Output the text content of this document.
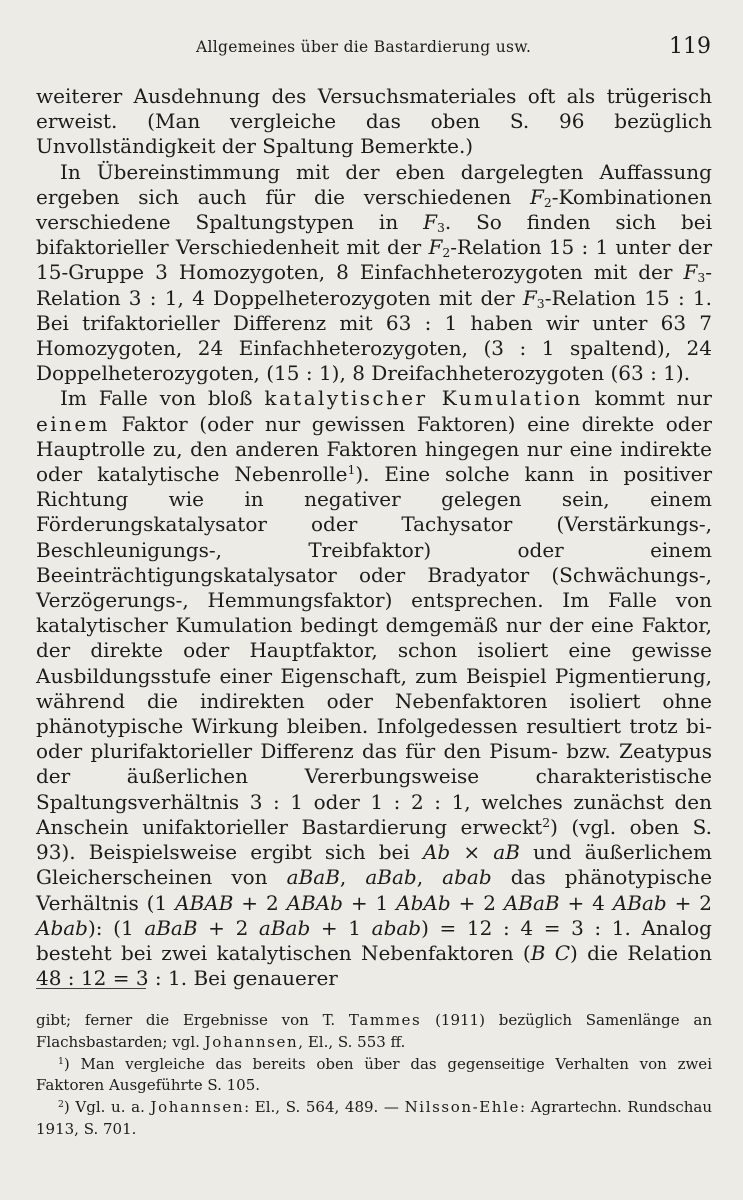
Allgemeines über die Bastardierung usw.	119

weiterer Ausdehnung des Versuchsmateriales oft als trügerisch erweist. (Man vergleiche das oben S. 96 bezüglich Unvollständigkeit der Spaltung Bemerkte.)

In Übereinstimmung mit der eben dargelegten Auffassung ergeben sich auch für die verschiedenen $F_2$-Kombinationen verschiedene Spaltungstypen in $F_3$. So finden sich bei bifaktorieller Verschiedenheit mit der $F_2$-Relation 15 : 1 unter der 15-Gruppe 3 Homozygoten, 8 Einfachheterozygoten mit der $F_3$-Relation 3 : 1, 4 Doppelheterozygoten mit der $F_3$-Relation 15 : 1. Bei trifaktorieller Differenz mit 63 : 1 haben wir unter 63 7 Homozygoten, 24 Einfachheterozygoten, (3 : 1 spaltend), 24 Doppelheterozygoten, (15 : 1), 8 Dreifachheterozygoten (63 : 1).

Im Falle von bloß katalytischer Kumulation kommt nur einem Faktor (oder nur gewissen Faktoren) eine direkte oder Hauptrolle zu, den anderen Faktoren hingegen nur eine indirekte oder katalytische Nebenrolle$^1$). Eine solche kann in positiver Richtung wie in negativer gelegen sein, einem Förderungskatalysator oder Tachysator (Verstärkungs-, Beschleunigungs-, Treibfaktor) oder einem Beeinträchtigungskatalysator oder Bradyator (Schwächungs-, Verzögerungs-, Hemmungsfaktor) entsprechen. Im Falle von katalytischer Kumulation bedingt demgemäß nur der eine Faktor, der direkte oder Hauptfaktor, schon isoliert eine gewisse Ausbildungsstufe einer Eigenschaft, zum Beispiel Pigmentierung, während die indirekten oder Nebenfaktoren isoliert ohne phänotypische Wirkung bleiben. Infolgedessen resultiert trotz bi- oder plurifaktorieller Differenz das für den Pisum- bzw. Zeatypus der äußerlichen Vererbungsweise charakteristische Spaltungsverhältnis 3 : 1 oder 1 : 2 : 1, welches zunächst den Anschein unifaktorieller Bastardierung erweckt$^2$) (vgl. oben S. 93). Beispielsweise ergibt sich bei Ab × aB und äußerlichem Gleicherscheinen von aBaB, aBab, abab das phänotypische Verhältnis (1 ABAB + 2 ABAb + 1 AbAb + 2 ABaB + 4 ABab + 2 Abab): (1 aBaB + 2 aBab + 1 abab) = 12 : 4 = 3 : 1. Analog besteht bei zwei katalytischen Nebenfaktoren (B C) die Relation 48 : 12 = 3 : 1. Bei genauerer

gibt; ferner die Ergebnisse von T. Tammes (1911) bezüglich Samenlänge an Flachsbastarden; vgl. Johannsen, El., S. 553 ff.

$^1$) Man vergleiche das bereits oben über das gegenseitige Verhalten von zwei Faktoren Ausgeführte S. 105.

$^2$) Vgl. u. a. Johannsen: El., S. 564, 489. — Nilsson-Ehle: Agrartechn. Rundschau 1913, S. 701.
